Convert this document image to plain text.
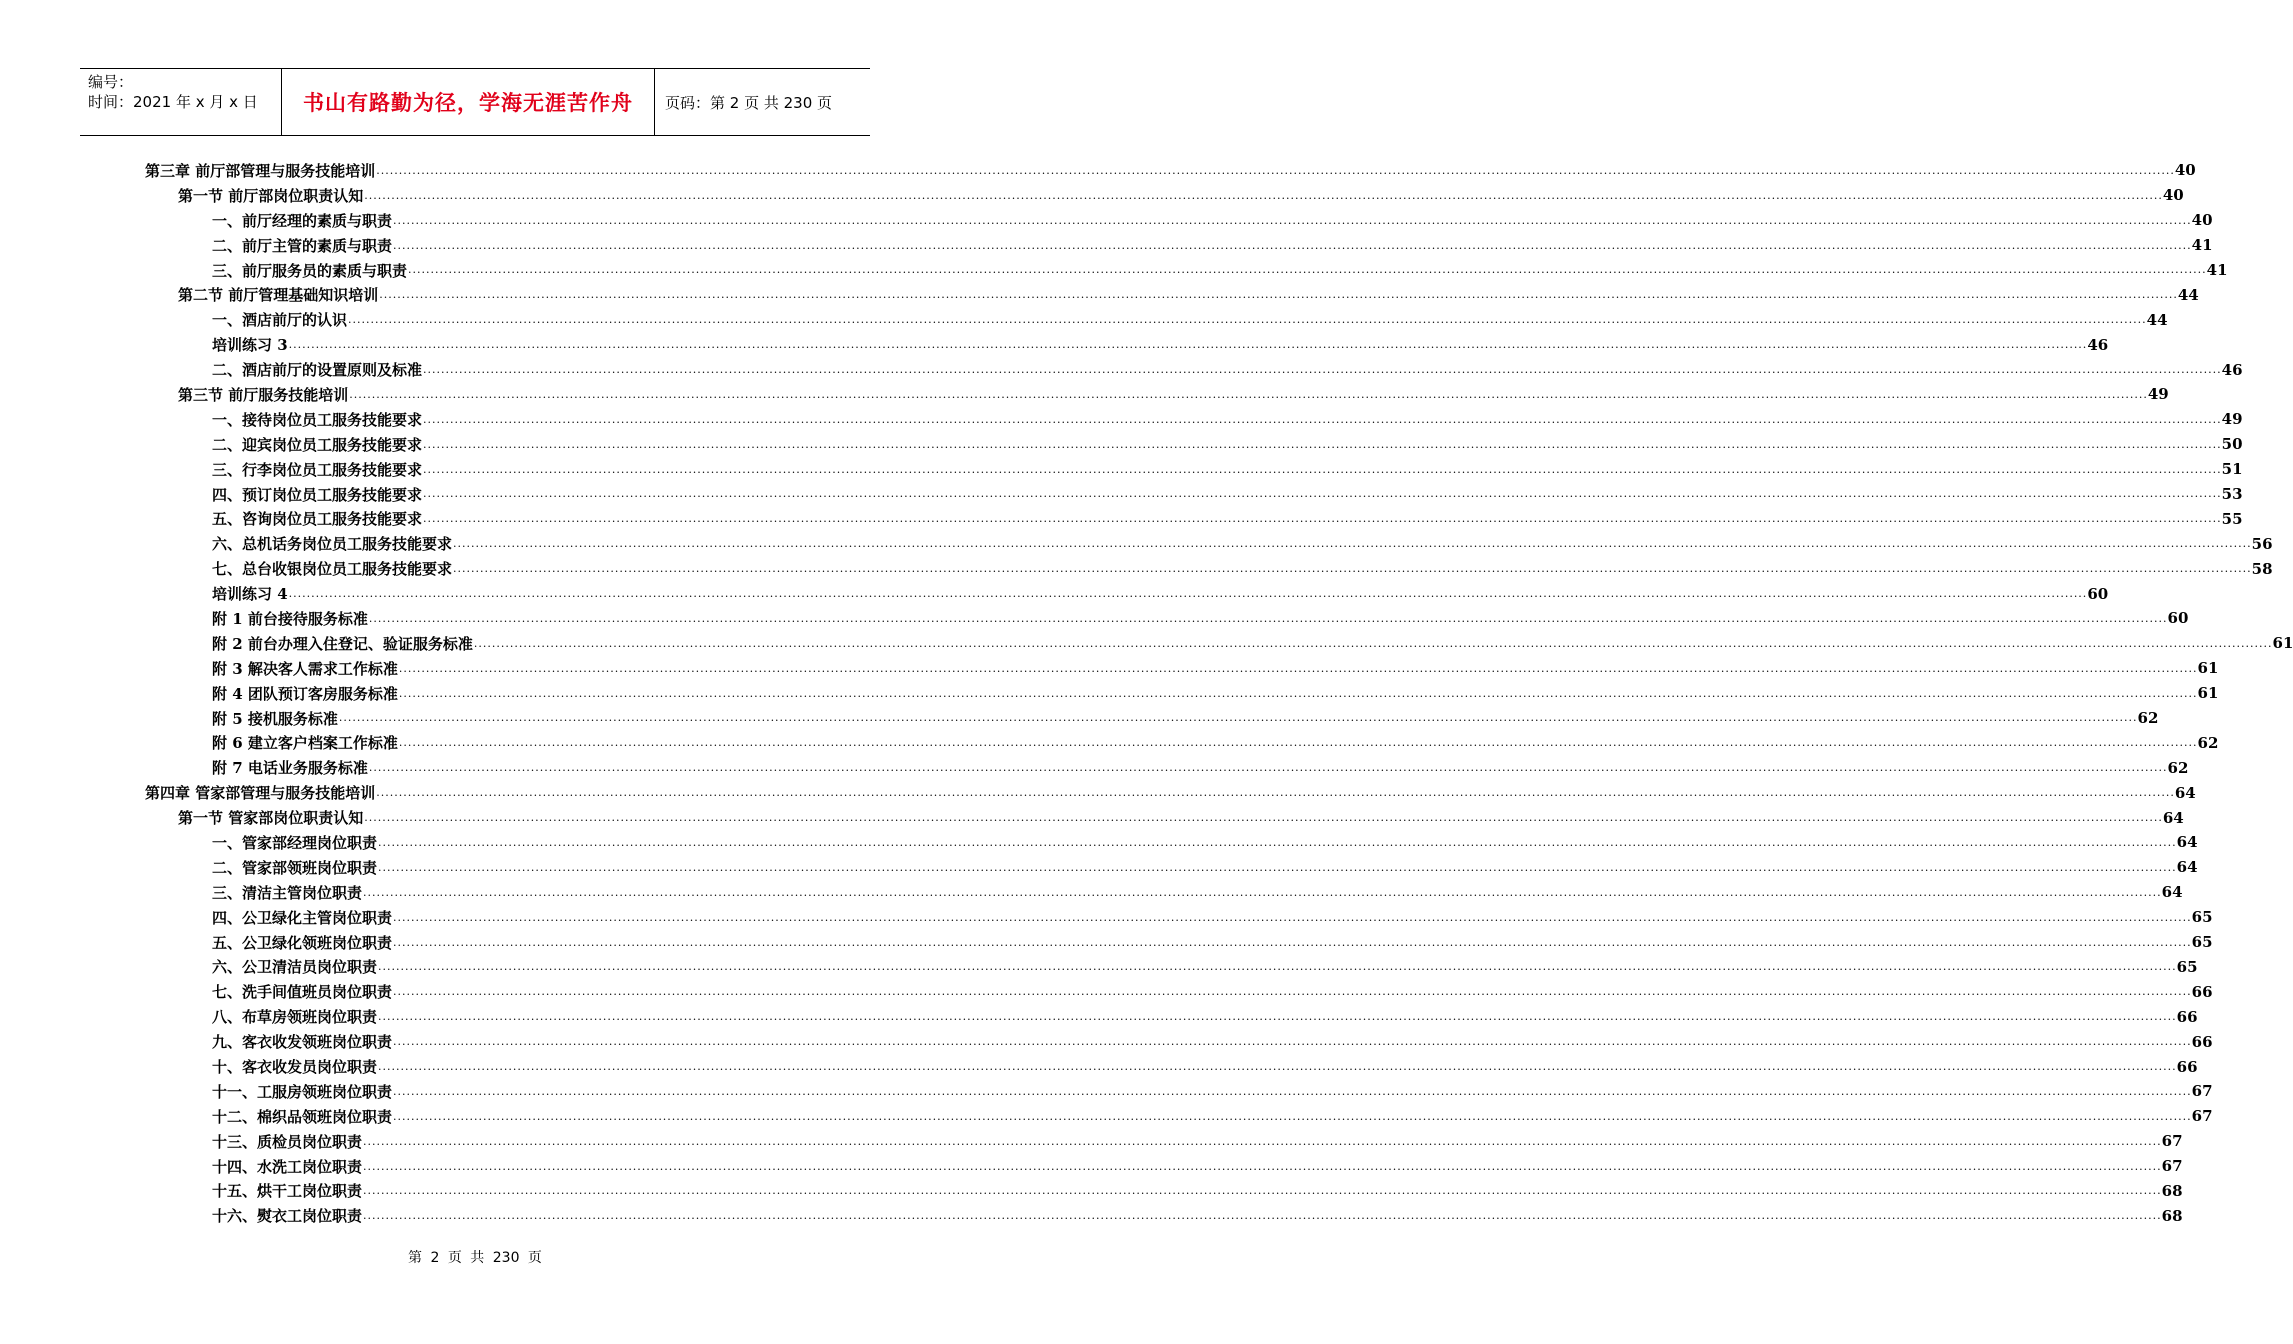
编号：
时间：2021 年 x 月 x 日	书山有路勤为径，学海无涯苦作舟	页码：第 2 页 共 230 页
第三章 前厅部管理与服务技能培训 ................................................................................................................................................................................................................................................................................................................................................................................................................ 40
第一节 前厅部岗位职责认知 ................................................................................................................................................................................................................................................................................................................................................................................................................ 40
一、前厅经理的素质与职责 ................................................................................................................................................................................................................................................................................................................................................................................................................ 40
二、前厅主管的素质与职责 ................................................................................................................................................................................................................................................................................................................................................................................................................ 41
三、前厅服务员的素质与职责 ................................................................................................................................................................................................................................................................................................................................................................................................................ 41
第二节 前厅管理基础知识培训 ................................................................................................................................................................................................................................................................................................................................................................................................................ 44
一、酒店前厅的认识 ................................................................................................................................................................................................................................................................................................................................................................................................................ 44
培训练习 3 ................................................................................................................................................................................................................................................................................................................................................................................................................ 46
二、酒店前厅的设置原则及标准 ................................................................................................................................................................................................................................................................................................................................................................................................................ 46
第三节 前厅服务技能培训 ................................................................................................................................................................................................................................................................................................................................................................................................................ 49
一、接待岗位员工服务技能要求 ................................................................................................................................................................................................................................................................................................................................................................................................................ 49
二、迎宾岗位员工服务技能要求 ................................................................................................................................................................................................................................................................................................................................................................................................................ 50
三、行李岗位员工服务技能要求 ................................................................................................................................................................................................................................................................................................................................................................................................................ 51
四、预订岗位员工服务技能要求 ................................................................................................................................................................................................................................................................................................................................................................................................................ 53
五、咨询岗位员工服务技能要求 ................................................................................................................................................................................................................................................................................................................................................................................................................ 55
六、总机话务岗位员工服务技能要求 ................................................................................................................................................................................................................................................................................................................................................................................................................ 56
七、总台收银岗位员工服务技能要求 ................................................................................................................................................................................................................................................................................................................................................................................................................ 58
培训练习 4 ................................................................................................................................................................................................................................................................................................................................................................................................................ 60
附 1 前台接待服务标准 ................................................................................................................................................................................................................................................................................................................................................................................................................ 60
附 2 前台办理入住登记、验证服务标准 ................................................................................................................................................................................................................................................................................................................................................................................................................ 61
附 3 解决客人需求工作标准 ................................................................................................................................................................................................................................................................................................................................................................................................................ 61
附 4 团队预订客房服务标准 ................................................................................................................................................................................................................................................................................................................................................................................................................ 61
附 5 接机服务标准 ................................................................................................................................................................................................................................................................................................................................................................................................................ 62
附 6 建立客户档案工作标准 ................................................................................................................................................................................................................................................................................................................................................................................................................ 62
附 7 电话业务服务标准 ................................................................................................................................................................................................................................................................................................................................................................................................................ 62
第四章 管家部管理与服务技能培训 ................................................................................................................................................................................................................................................................................................................................................................................................................ 64
第一节 管家部岗位职责认知 ................................................................................................................................................................................................................................................................................................................................................................................................................ 64
一、管家部经理岗位职责 ................................................................................................................................................................................................................................................................................................................................................................................................................ 64
二、管家部领班岗位职责 ................................................................................................................................................................................................................................................................................................................................................................................................................ 64
三、清洁主管岗位职责 ................................................................................................................................................................................................................................................................................................................................................................................................................ 64
四、公卫绿化主管岗位职责 ................................................................................................................................................................................................................................................................................................................................................................................................................ 65
五、公卫绿化领班岗位职责 ................................................................................................................................................................................................................................................................................................................................................................................................................ 65
六、公卫清洁员岗位职责 ................................................................................................................................................................................................................................................................................................................................................................................................................ 65
七、洗手间值班员岗位职责 ................................................................................................................................................................................................................................................................................................................................................................................................................ 66
八、布草房领班岗位职责 ................................................................................................................................................................................................................................................................................................................................................................................................................ 66
九、客衣收发领班岗位职责 ................................................................................................................................................................................................................................................................................................................................................................................................................ 66
十、客衣收发员岗位职责 ................................................................................................................................................................................................................................................................................................................................................................................................................ 66
十一、工服房领班岗位职责 ................................................................................................................................................................................................................................................................................................................................................................................................................ 67
十二、棉织品领班岗位职责 ................................................................................................................................................................................................................................................................................................................................................................................................................ 67
十三、质检员岗位职责 ................................................................................................................................................................................................................................................................................................................................................................................................................ 67
十四、水洗工岗位职责 ................................................................................................................................................................................................................................................................................................................................................................................................................ 67
十五、烘干工岗位职责 ................................................................................................................................................................................................................................................................................................................................................................................................................ 68
十六、熨衣工岗位职责 ................................................................................................................................................................................................................................................................................................................................................................................................................ 68
第 2 页 共 230 页
